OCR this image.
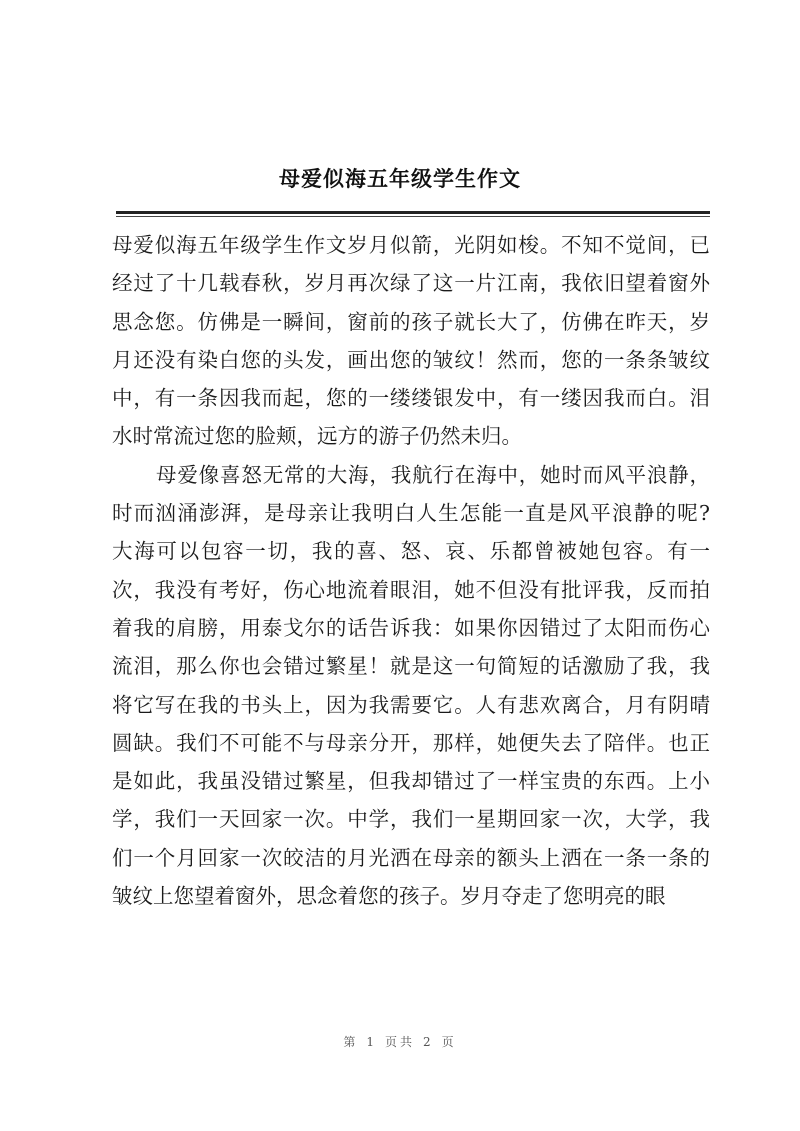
母爱似海五年级学生作文
母爱似海五年级学生作文岁月似箭，光阴如梭。不知不觉间，已
经过了十几载春秋，岁月再次绿了这一片江南，我依旧望着窗外
思念您。仿佛是一瞬间，窗前的孩子就长大了，仿佛在昨天，岁
月还没有染白您的头发，画出您的皱纹！然而，您的一条条皱纹
中，有一条因我而起，您的一缕缕银发中，有一缕因我而白。泪
水时常流过您的脸颊，远方的游子仍然未归。
母爱像喜怒无常的大海，我航行在海中，她时而风平浪静，
时而汹涌澎湃，是母亲让我明白人生怎能一直是风平浪静的呢?
大海可以包容一切，我的喜、怒、哀、乐都曾被她包容。有一
次，我没有考好，伤心地流着眼泪，她不但没有批评我，反而拍
着我的肩膀，用泰戈尔的话告诉我：如果你因错过了太阳而伤心
流泪，那么你也会错过繁星！就是这一句简短的话激励了我，我
将它写在我的书头上，因为我需要它。人有悲欢离合，月有阴晴
圆缺。我们不可能不与母亲分开，那样，她便失去了陪伴。也正
是如此，我虽没错过繁星，但我却错过了一样宝贵的东西。上小
学，我们一天回家一次。中学，我们一星期回家一次，大学，我
们一个月回家一次皎洁的月光洒在母亲的额头上洒在一条一条的
皱纹上您望着窗外，思念着您的孩子。岁月夺走了您明亮的眼
第 1 页共 2 页
